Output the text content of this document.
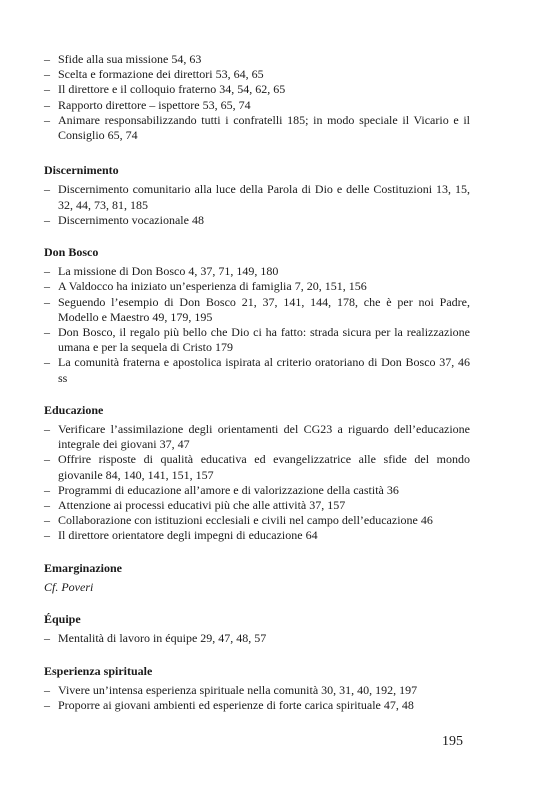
– Sfide alla sua missione 54, 63
– Scelta e formazione dei direttori 53, 64, 65
– Il direttore e il colloquio fraterno 34, 54, 62, 65
– Rapporto direttore – ispettore 53, 65, 74
– Animare responsabilizzando tutti i confratelli 185; in modo speciale il Vicario e il Consiglio 65, 74
Discernimento
– Discernimento comunitario alla luce della Parola di Dio e delle Costituzioni 13, 15, 32, 44, 73, 81, 185
– Discernimento vocazionale 48
Don Bosco
– La missione di Don Bosco 4, 37, 71, 149, 180
– A Valdocco ha iniziato un’esperienza di famiglia 7, 20, 151, 156
– Seguendo l’esempio di Don Bosco 21, 37, 141, 144, 178, che è per noi Padre, Modello e Maestro 49, 179, 195
– Don Bosco, il regalo più bello che Dio ci ha fatto: strada sicura per la realizzazione umana e per la sequela di Cristo 179
– La comunità fraterna e apostolica ispirata al criterio oratoriano di Don Bosco 37, 46 ss
Educazione
– Verificare l’assimilazione degli orientamenti del CG23 a riguardo dell’educazione integrale dei giovani 37, 47
– Offrire risposte di qualità educativa ed evangelizzatrice alle sfide del mondo giovanile 84, 140, 141, 151, 157
– Programmi di educazione all’amore e di valorizzazione della castità 36
– Attenzione ai processi educativi più che alle attività 37, 157
– Collaborazione con istituzioni ecclesiali e civili nel campo dell’educazione 46
– Il direttore orientatore degli impegni di educazione 64
Emarginazione
Cf. Poveri
Équipe
– Mentalità di lavoro in équipe 29, 47, 48, 57
Esperienza spirituale
– Vivere un’intensa esperienza spirituale nella comunità 30, 31, 40, 192, 197
– Proporre ai giovani ambienti ed esperienze di forte carica spirituale 47, 48
195
